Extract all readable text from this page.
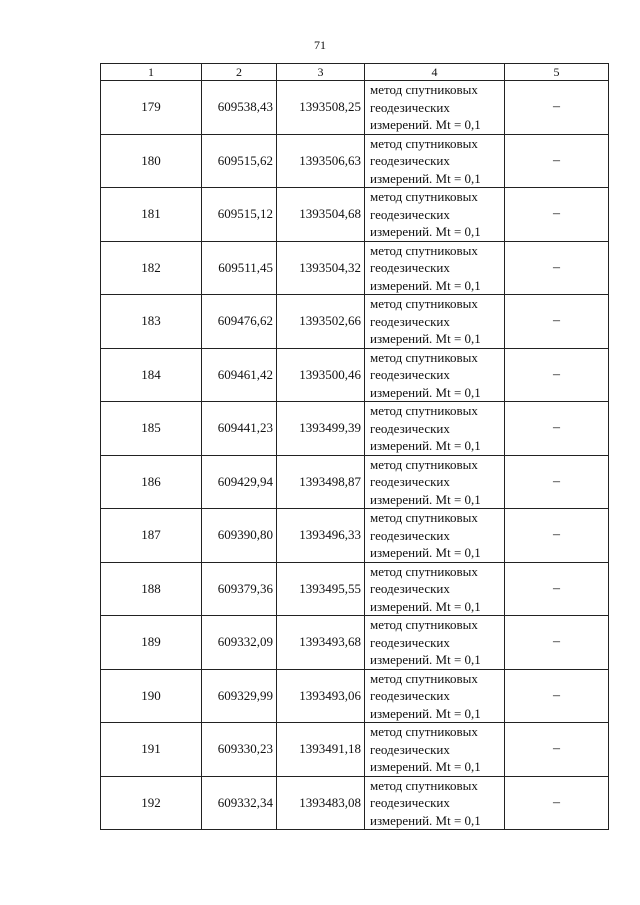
71
1	2	3	4	5
179	609538,43	1393508,25	метод спутниковых
геодезических
измерений. Mt = 0,1	–
180	609515,62	1393506,63	метод спутниковых
геодезических
измерений. Mt = 0,1	–
181	609515,12	1393504,68	метод спутниковых
геодезических
измерений. Mt = 0,1	–
182	609511,45	1393504,32	метод спутниковых
геодезических
измерений. Mt = 0,1	–
183	609476,62	1393502,66	метод спутниковых
геодезических
измерений. Mt = 0,1	–
184	609461,42	1393500,46	метод спутниковых
геодезических
измерений. Mt = 0,1	–
185	609441,23	1393499,39	метод спутниковых
геодезических
измерений. Mt = 0,1	–
186	609429,94	1393498,87	метод спутниковых
геодезических
измерений. Mt = 0,1	–
187	609390,80	1393496,33	метод спутниковых
геодезических
измерений. Mt = 0,1	–
188	609379,36	1393495,55	метод спутниковых
геодезических
измерений. Mt = 0,1	–
189	609332,09	1393493,68	метод спутниковых
геодезических
измерений. Mt = 0,1	–
190	609329,99	1393493,06	метод спутниковых
геодезических
измерений. Mt = 0,1	–
191	609330,23	1393491,18	метод спутниковых
геодезических
измерений. Mt = 0,1	–
192	609332,34	1393483,08	метод спутниковых
геодезических
измерений. Mt = 0,1	–
